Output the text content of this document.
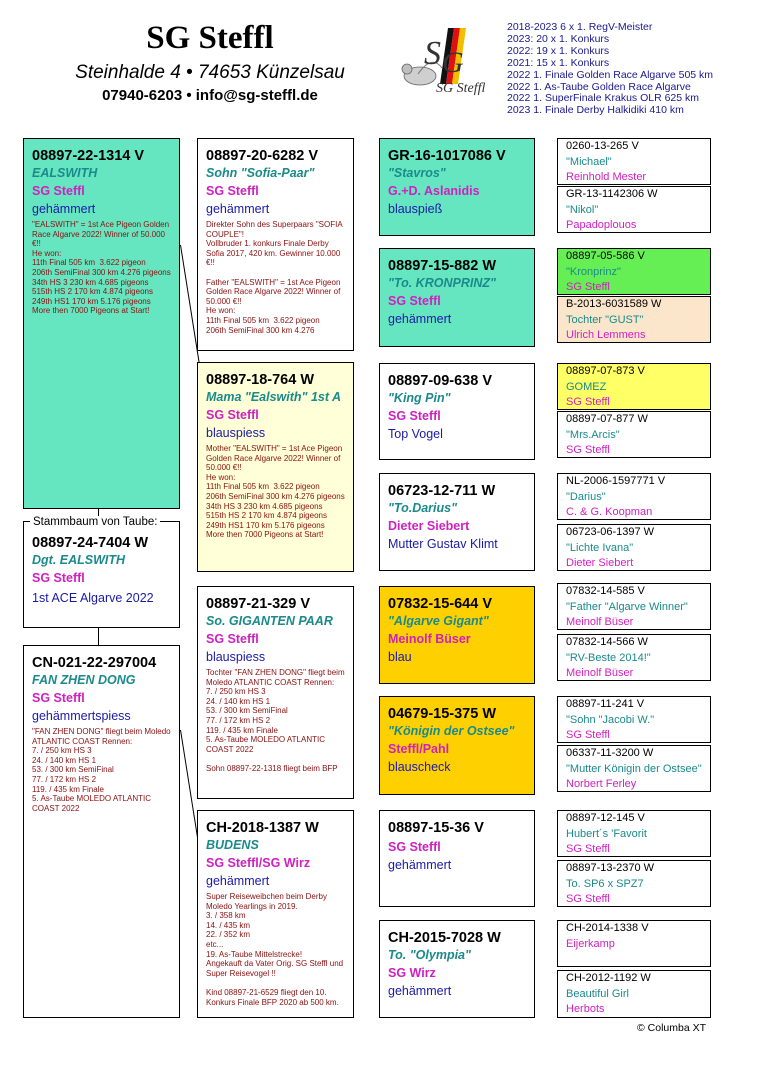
SG Steffl
Steinhalde 4 • 74653 Künzelsau
07940-6203 • info@sg-steffl.de
S G
SG Steffl
2018-2023 6 x 1. RegV-Meister
2023: 20 x 1. Konkurs
2022: 19 x 1. Konkurs
2021: 15 x 1. Konkurs
2022 1. Finale Golden Race Algarve 505 km
2022 1. As-Taube Golden Race Algarve
2022 1. SuperFinale Krakus OLR 625 km
2023 1. Finale Derby Halkidiki 410 km
08897-22-1314 V
EALSWITH
SG Steffl
gehämmert
"EALSWITH" = 1st Ace Pigeon Golden Race Algarve 2022! Winner of 50.000 €!!
He won:
11th Final 505 km  3.622 pigeon
206th SemiFinal 300 km 4.276 pigeons
34th HS 3 230 km 4.685 pigeons
515th HS 2 170 km 4.874 pigeons
249th HS1 170 km 5.176 pigeons
More then 7000 Pigeons at Start!
08897-24-7404 W
Dgt. EALSWITH
SG Steffl
1st ACE Algarve 2022
Stammbaum von Taube:
CN-021-22-297004
FAN ZHEN DONG
SG Steffl
gehämmertspiess
"FAN ZHEN DONG" fliegt beim Moledo ATLANTIC COAST Rennen:
7. / 250 km HS 3
24. / 140 km HS 1
53. / 300 km SemiFinal
77. / 172 km HS 2
119. / 435 km Finale
5. As-Taube MOLEDO ATLANTIC COAST 2022
08897-20-6282 V
Sohn "Sofia-Paar"
SG Steffl
gehämmert
Direkter Sohn des Superpaars "SOFIA COUPLE"!
Vollbruder 1. konkurs Finale Derby Sofia 2017, 420 km. Gewinner 10.000 €!!

Father "EALSWITH" = 1st Ace Pigeon Golden Race Algarve 2022! Winner of 50.000 €!!
He won:
11th Final 505 km  3.622 pigeon
206th SemiFinal 300 km 4.276
08897-18-764 W
Mama "Ealswith" 1st A
SG Steffl
blauspiess
Mother "EALSWITH" = 1st Ace Pigeon Golden Race Algarve 2022! Winner of 50.000 €!!
He won:
11th Final 505 km  3.622 pigeon
206th SemiFinal 300 km 4.276 pigeons
34th HS 3 230 km 4.685 pigeons
515th HS 2 170 km 4.874 pigeons
249th HS1 170 km 5.176 pigeons
More then 7000 Pigeons at Start!
08897-21-329 V
So. GIGANTEN PAAR
SG Steffl
blauspiess
Tochter "FAN ZHEN DONG" fliegt beim Moledo ATLANTIC COAST Rennen:
7. / 250 km HS 3
24. / 140 km HS 1
53. / 300 km SemiFinal
77. / 172 km HS 2
119. / 435 km Finale
5. As-Taube MOLEDO ATLANTIC COAST 2022

Sohn 08897-22-1318 fliegt beim BFP
CH-2018-1387 W
BUDENS
SG Steffl/SG Wirz
gehämmert
Super Reiseweibchen beim Derby Moledo Yearlings in 2019.
3. / 358 km
14. / 435 km
22. / 352 km
etc...
19. As-Taube Mittelstrecke!
Angekauft da Vater Orig. SG Steffl und Super Reisevogel !!

Kind 08897-21-6529 fliegt den 10. Konkurs Finale BFP 2020 ab 500 km.
GR-16-1017086 V
"Stavros"
G.+D. Aslanidis
blauspieß
08897-15-882 W
"To. KRONPRINZ"
SG Steffl
gehämmert
08897-09-638 V
"King Pin"
SG Steffl
Top Vogel
06723-12-711 W
"To.Darius"
Dieter Siebert
Mutter Gustav Klimt
07832-15-644 V
"Algarve Gigant"
Meinolf Büser
blau
04679-15-375 W
"Königin der Ostsee"
Steffl/Pahl
blauscheck
08897-15-36 V
SG Steffl
gehämmert
CH-2015-7028 W
To. "Olympia"
SG Wirz
gehämmert
0260-13-265 V
"Michael"
Reinhold Mester
GR-13-1142306 W
"Nikol"
Papadoplouos
08897-05-586 V
"Kronprinz"
SG Steffl
B-2013-6031589 W
Tochter "GUST"
Ulrich Lemmens
08897-07-873 V
GOMEZ
SG Steffl
08897-07-877 W
"Mrs.Arcis"
SG Steffl
NL-2006-1597771 V
"Darius"
C. & G. Koopman
06723-06-1397 W
"Lichte Ivana"
Dieter Siebert
07832-14-585 V
"Father "Algarve Winner"
Meinolf Büser
07832-14-566 W
"RV-Beste 2014!"
Meinolf Büser
08897-11-241 V
"Sohn "Jacobi W."
SG Steffl
06337-11-3200 W
"Mutter Königin der Ostsee"
Norbert Ferley
08897-12-145 V
Hubert´s 'Favorit
SG Steffl
08897-13-2370 W
To. SP6 x SPZ7
SG Steffl
CH-2014-1338 V
Eijerkamp
CH-2012-1192 W
Beautiful Girl
Herbots
© Columba XT
